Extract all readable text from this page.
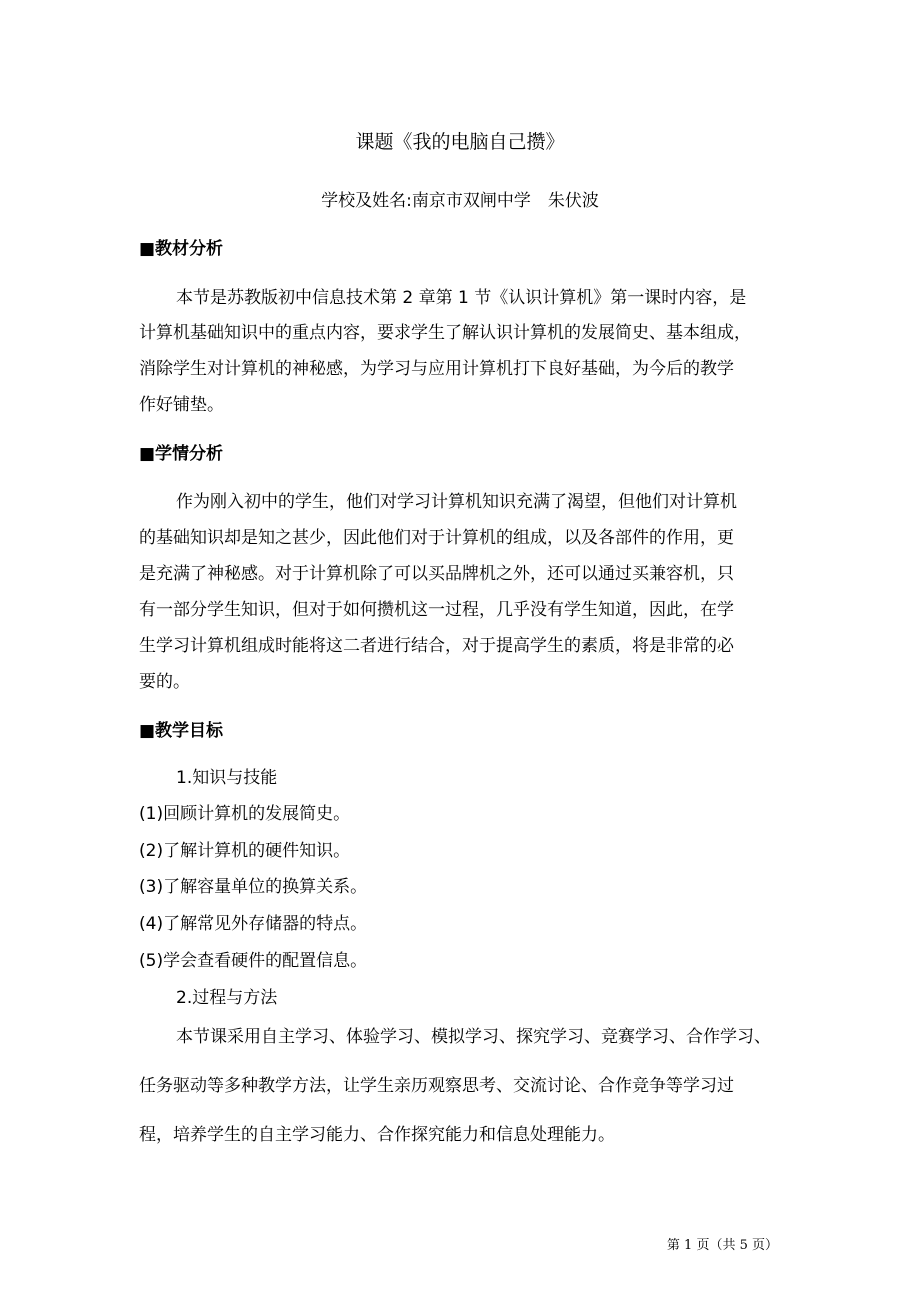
课题《我的电脑自己攒》
学校及姓名:南京市双闸中学　朱伏波
■教材分析
本节是苏教版初中信息技术第 2 章第 1 节《认识计算机》第一课时内容，是
计算机基础知识中的重点内容，要求学生了解认识计算机的发展简史、基本组成，
消除学生对计算机的神秘感，为学习与应用计算机打下良好基础，为今后的教学
作好铺垫。
■学情分析
作为刚入初中的学生，他们对学习计算机知识充满了渴望，但他们对计算机
的基础知识却是知之甚少，因此他们对于计算机的组成，以及各部件的作用，更
是充满了神秘感。对于计算机除了可以买品牌机之外，还可以通过买兼容机，只
有一部分学生知识，但对于如何攒机这一过程，几乎没有学生知道，因此，在学
生学习计算机组成时能将这二者进行结合，对于提高学生的素质，将是非常的必
要的。
■教学目标
1.知识与技能
(1)回顾计算机的发展简史。
(2)了解计算机的硬件知识。
(3)了解容量单位的换算关系。
(4)了解常见外存储器的特点。
(5)学会查看硬件的配置信息。
2.过程与方法
本节课采用自主学习、体验学习、模拟学习、探究学习、竞赛学习、合作学习、
任务驱动等多种教学方法，让学生亲历观察思考、交流讨论、合作竞争等学习过
程，培养学生的自主学习能力、合作探究能力和信息处理能力。
第 1 页（共 5 页）
